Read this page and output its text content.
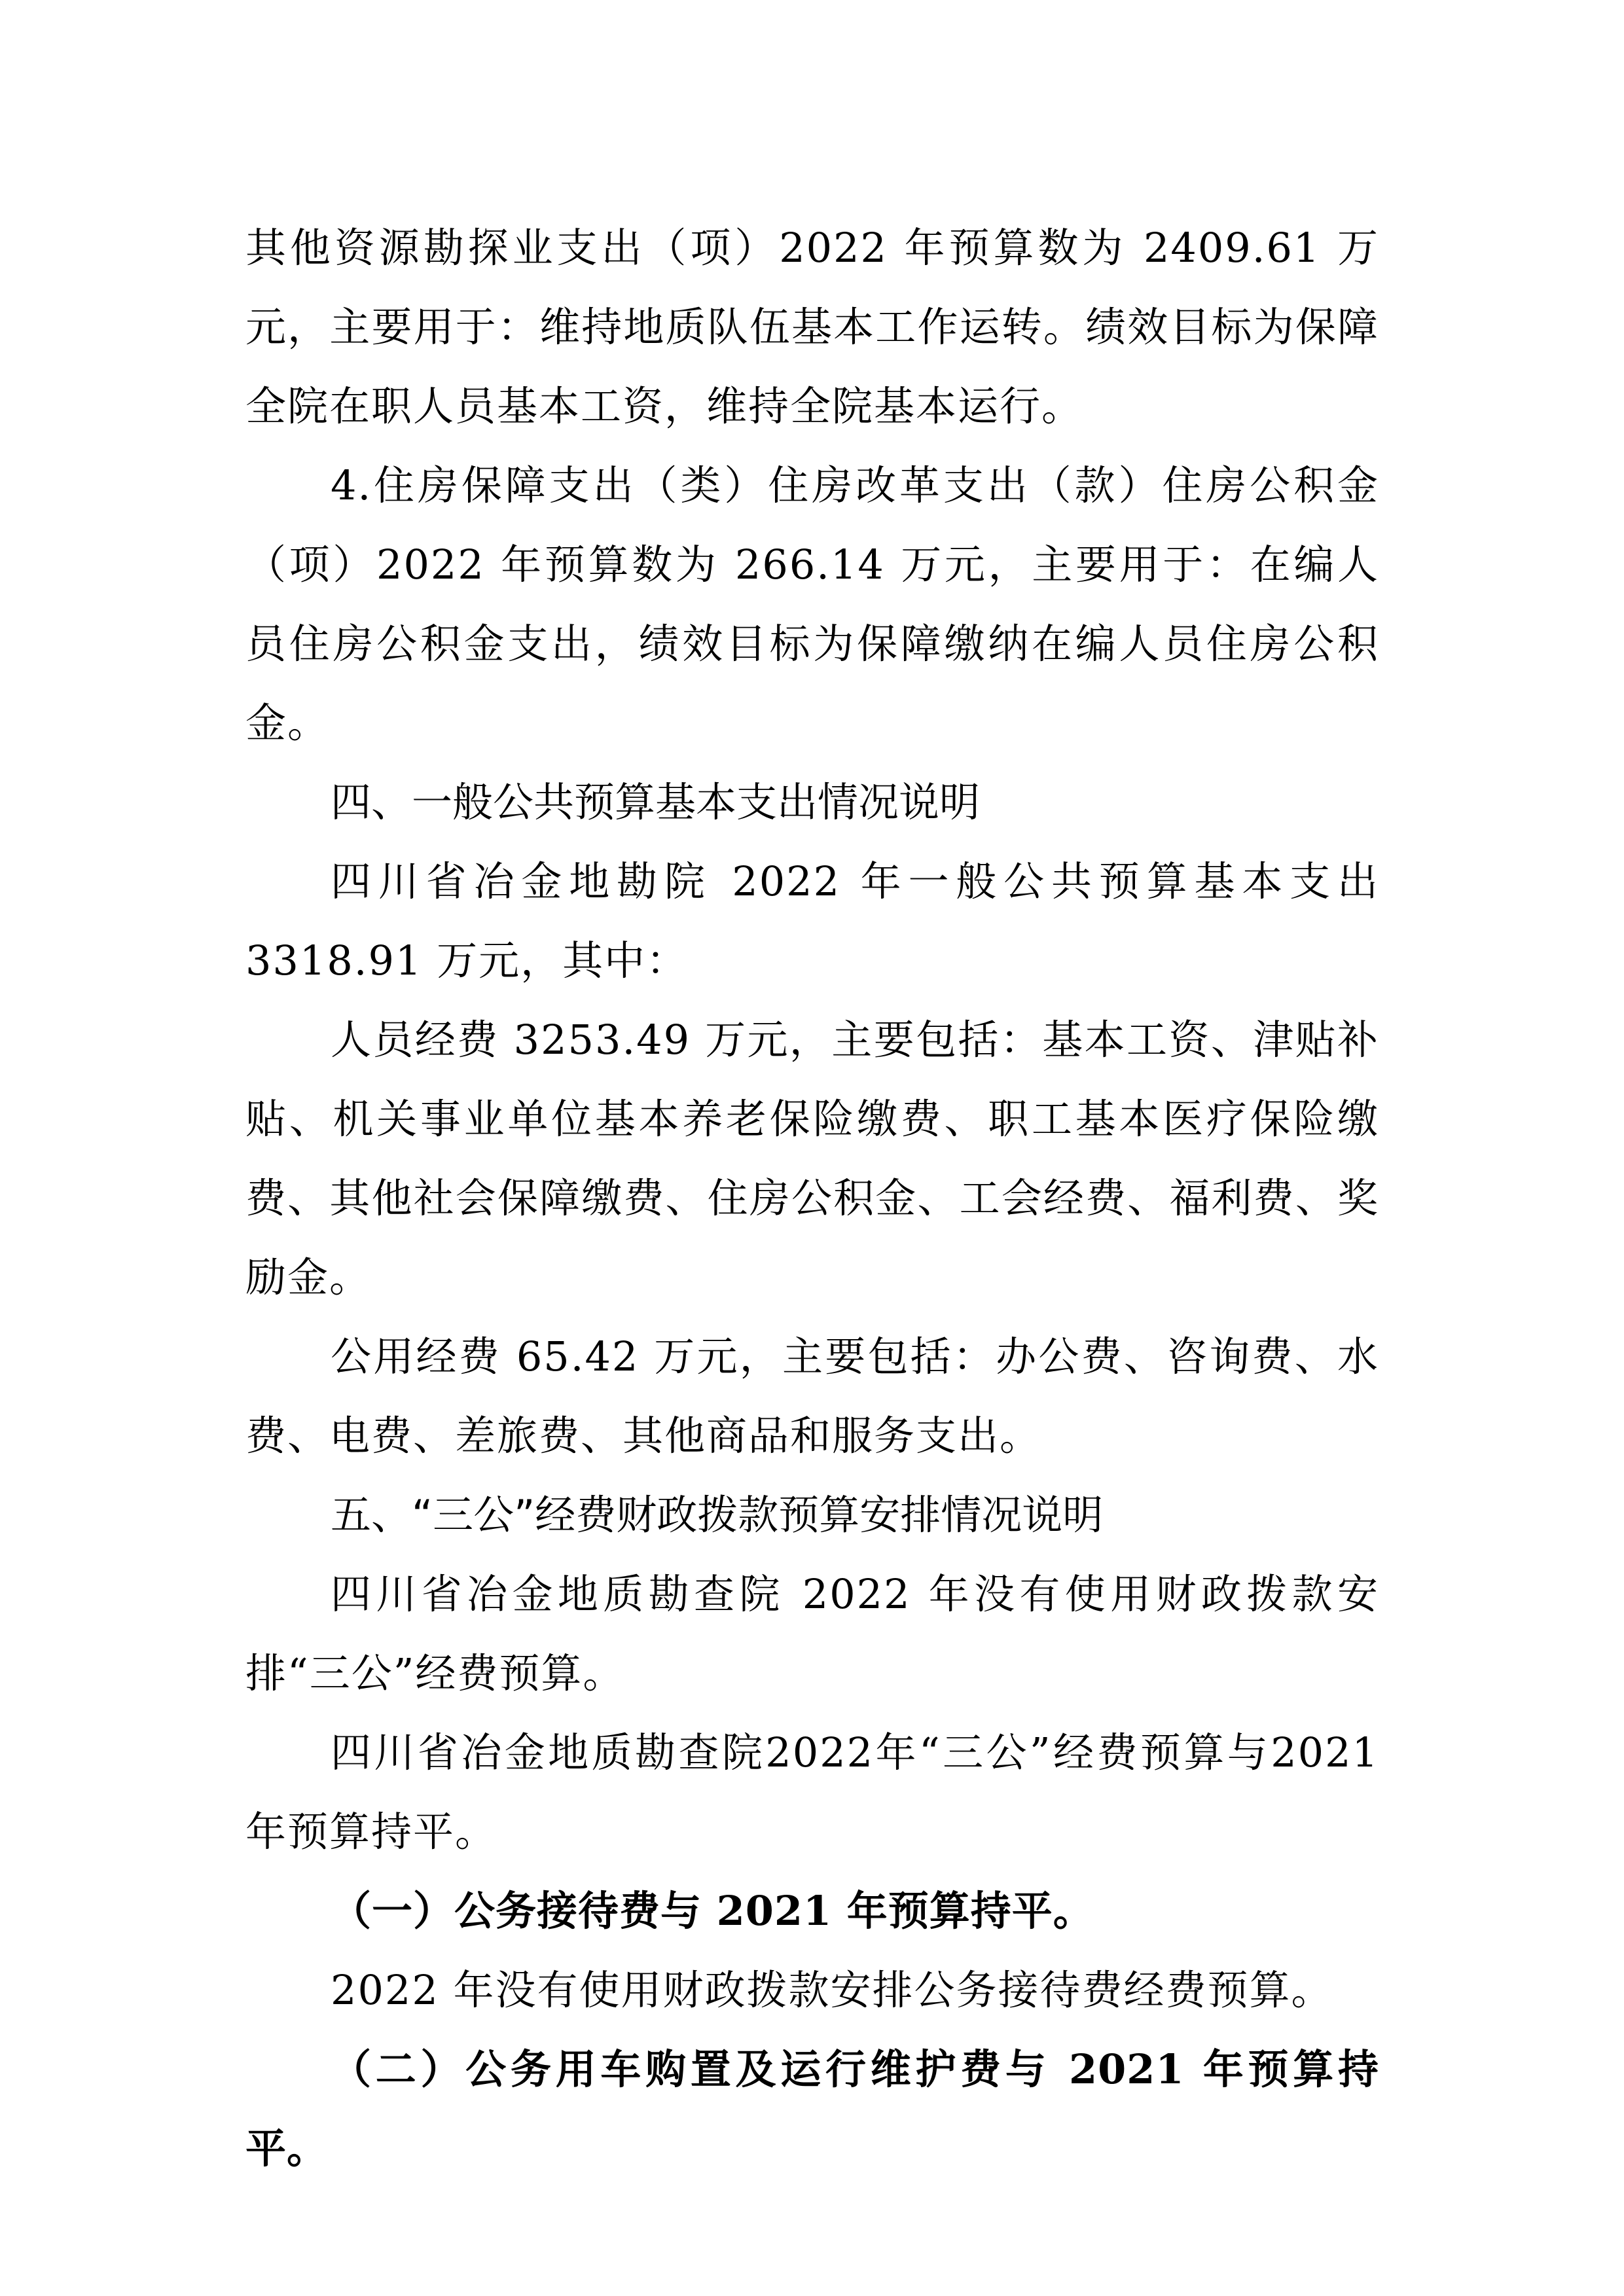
其他资源勘探业支出（项）2022 年预算数为 2409.61 万元，主要用于：维持地质队伍基本工作运转。绩效目标为保障全院在职人员基本工资，维持全院基本运行。

4.住房保障支出（类）住房改革支出（款）住房公积金（项）2022 年预算数为 266.14 万元，主要用于：在编人员住房公积金支出，绩效目标为保障缴纳在编人员住房公积金。

四、一般公共预算基本支出情况说明

四川省冶金地勘院 2022 年一般公共预算基本支出3318.91 万元，其中：

人员经费 3253.49 万元，主要包括：基本工资、津贴补贴、机关事业单位基本养老保险缴费、职工基本医疗保险缴费、其他社会保障缴费、住房公积金、工会经费、福利费、奖励金。

公用经费 65.42 万元，主要包括：办公费、咨询费、水费、电费、差旅费、其他商品和服务支出。

五、“三公”经费财政拨款预算安排情况说明

四川省冶金地质勘查院 2022 年没有使用财政拨款安排“三公”经费预算。

四川省冶金地质勘查院2022年“三公”经费预算与2021年预算持平。

（一）公务接待费与 2021 年预算持平。

2022 年没有使用财政拨款安排公务接待费经费预算。

（二）公务用车购置及运行维护费与 2021 年预算持平。
